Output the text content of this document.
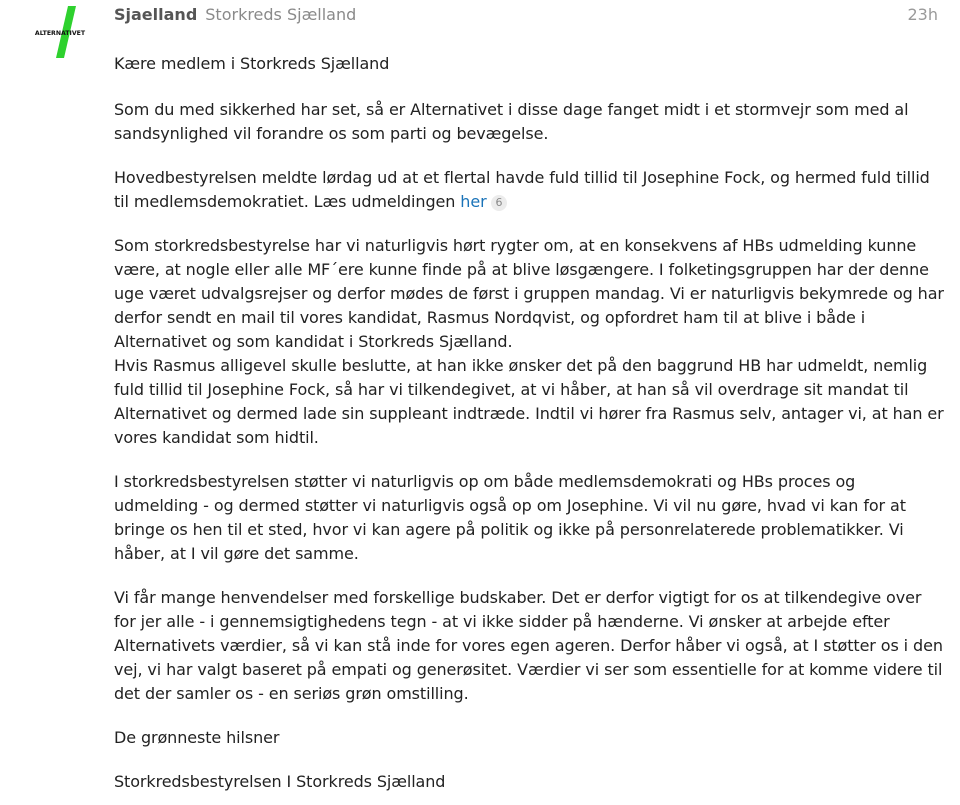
ALTERNATIVET
Sjaelland Storkreds Sjælland	23h

Kære medlem i Storkreds Sjælland

Som du med sikkerhed har set, så er Alternativet i disse dage fanget midt i et stormvejr som med al sandsynlighed vil forandre os som parti og bevægelse.

Hovedbestyrelsen meldte lørdag ud at et flertal havde fuld tillid til Josephine Fock, og hermed fuld tillid til medlemsdemokratiet. Læs udmeldingen her 6

Som storkredsbestyrelse har vi naturligvis hørt rygter om, at en konsekvens af HBs udmelding kunne være, at nogle eller alle MF´ere kunne finde på at blive løsgængere. I folketingsgruppen har der denne uge været udvalgsrejser og derfor mødes de først i gruppen mandag. Vi er naturligvis bekymrede og har derfor sendt en mail til vores kandidat, Rasmus Nordqvist, og opfordret ham til at blive i både i Alternativet og som kandidat i Storkreds Sjælland.

Hvis Rasmus alligevel skulle beslutte, at han ikke ønsker det på den baggrund HB har udmeldt, nemlig fuld tillid til Josephine Fock, så har vi tilkendegivet, at vi håber, at han så vil overdrage sit mandat til Alternativet og dermed lade sin suppleant indtræde. Indtil vi hører fra Rasmus selv, antager vi, at han er vores kandidat som hidtil.

I storkredsbestyrelsen støtter vi naturligvis op om både medlemsdemokrati og HBs proces og udmelding - og dermed støtter vi naturligvis også op om Josephine. Vi vil nu gøre, hvad vi kan for at bringe os hen til et sted, hvor vi kan agere på politik og ikke på personrelaterede problematikker. Vi håber, at I vil gøre det samme.

Vi får mange henvendelser med forskellige budskaber. Det er derfor vigtigt for os at tilkendegive over for jer alle - i gennemsigtighedens tegn - at vi ikke sidder på hænderne. Vi ønsker at arbejde efter Alternativets værdier, så vi kan stå inde for vores egen ageren. Derfor håber vi også, at I støtter os i den vej, vi har valgt baseret på empati og generøsitet. Værdier vi ser som essentielle for at komme videre til det der samler os - en seriøs grøn omstilling.

De grønneste hilsner

Storkredsbestyrelsen I Storkreds Sjælland
